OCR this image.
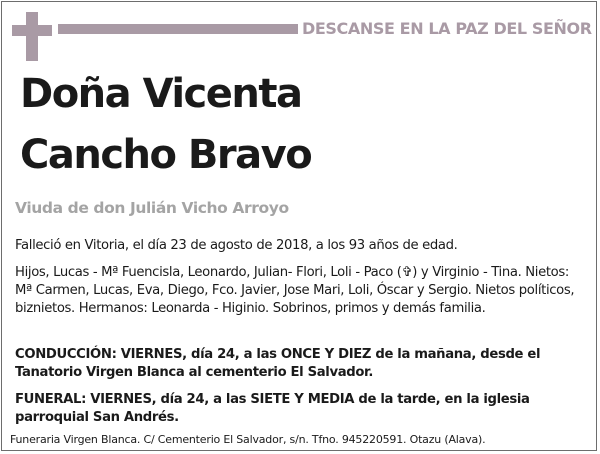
DESCANSE EN LA PAZ DEL SEÑOR
Doña Vicenta
Cancho Bravo
Viuda de don Julián Vicho Arroyo
Falleció en Vitoria, el día 23 de agosto de 2018, a los 93 años de edad.
Hijos, Lucas - Mª Fuencisla, Leonardo, Julian- Flori, Loli - Paco (✞) y Virginio - Tina. Nietos: Mª Carmen, Lucas, Eva, Diego, Fco. Javier, Jose Mari, Loli, Óscar y Sergio. Nietos políticos, biznietos. Hermanos: Leonarda - Higinio. Sobrinos, primos y demás familia.
CONDUCCIÓN: VIERNES, día 24, a las ONCE Y DIEZ de la mañana, desde el Tanatorio Virgen Blanca al cementerio El Salvador.
FUNERAL: VIERNES, día 24, a las SIETE Y MEDIA de la tarde, en la iglesia parroquial San Andrés.
Funeraria Virgen Blanca. C/ Cementerio El Salvador, s/n. Tfno. 945220591. Otazu (Alava).
